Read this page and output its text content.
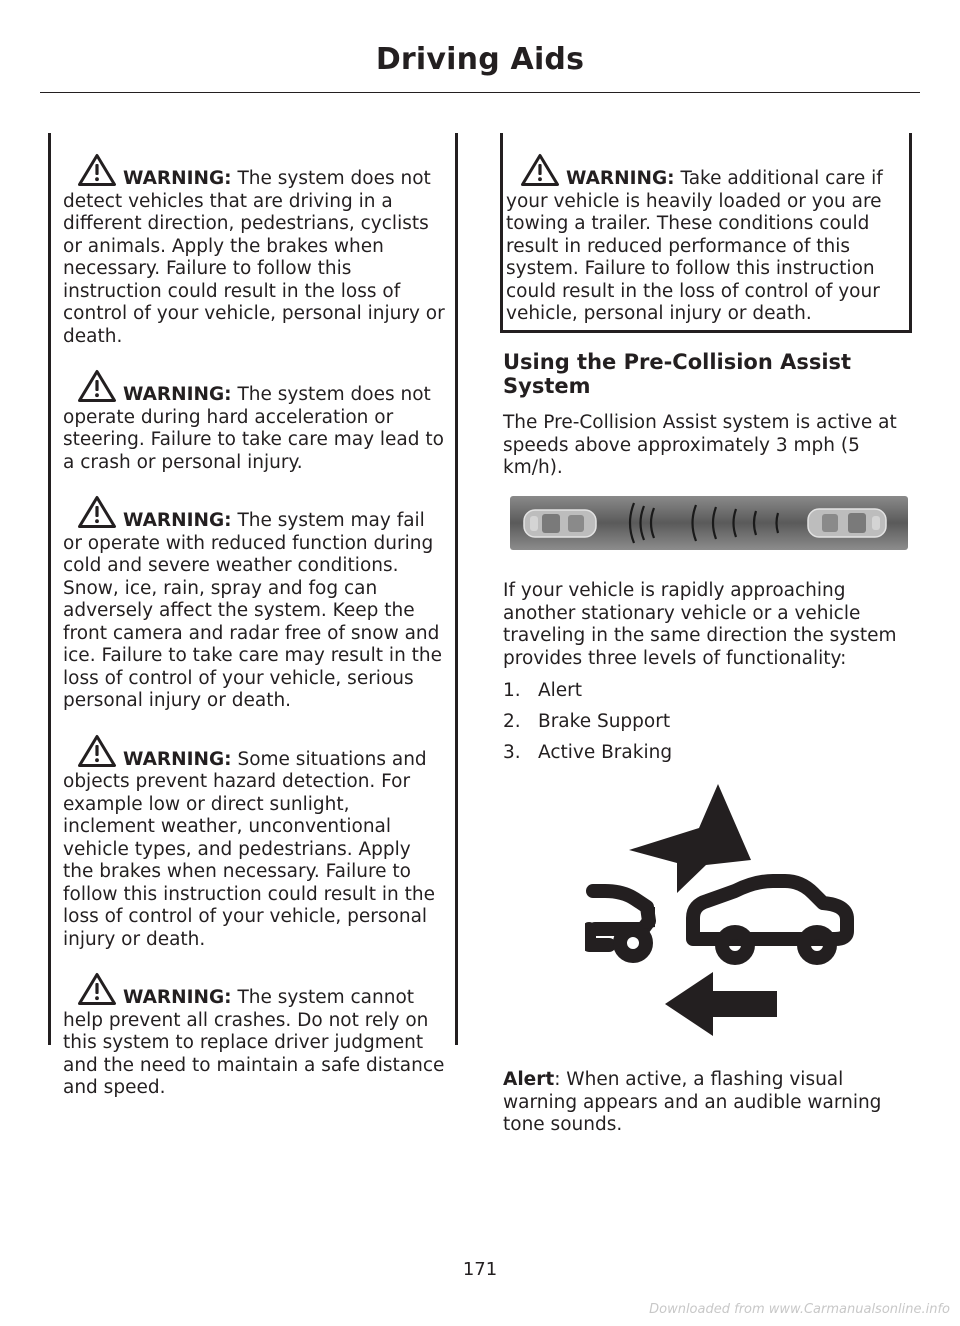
Driving Aids

WARNING: The system does not detect vehicles that are driving in a different direction, pedestrians, cyclists or animals. Apply the brakes when necessary. Failure to follow this instruction could result in the loss of control of your vehicle, personal injury or death.

WARNING: The system does not operate during hard acceleration or steering. Failure to take care may lead to a crash or personal injury.

WARNING: The system may fail or operate with reduced function during cold and severe weather conditions. Snow, ice, rain, spray and fog can adversely affect the system. Keep the front camera and radar free of snow and ice. Failure to take care may result in the loss of control of your vehicle, serious personal injury or death.

WARNING: Some situations and objects prevent hazard detection. For example low or direct sunlight, inclement weather, unconventional vehicle types, and pedestrians. Apply the brakes when necessary. Failure to follow this instruction could result in the loss of control of your vehicle, personal injury or death.

WARNING: The system cannot help prevent all crashes. Do not rely on this system to replace driver judgment and the need to maintain a safe distance and speed.

WARNING: Take additional care if your vehicle is heavily loaded or you are towing a trailer. These conditions could result in reduced performance of this system. Failure to follow this instruction could result in the loss of control of your vehicle, personal injury or death.

Using the Pre-Collision Assist
System
The Pre-Collision Assist system is active at speeds above approximately 3 mph (5 km/h).
If your vehicle is rapidly approaching another stationary vehicle or a vehicle traveling in the same direction the system provides three levels of functionality:
1. Alert
2. Brake Support
3. Active Braking
Alert: When active, a flashing visual warning appears and an audible warning tone sounds.
171
Downloaded from www.Carmanualsonline.info
